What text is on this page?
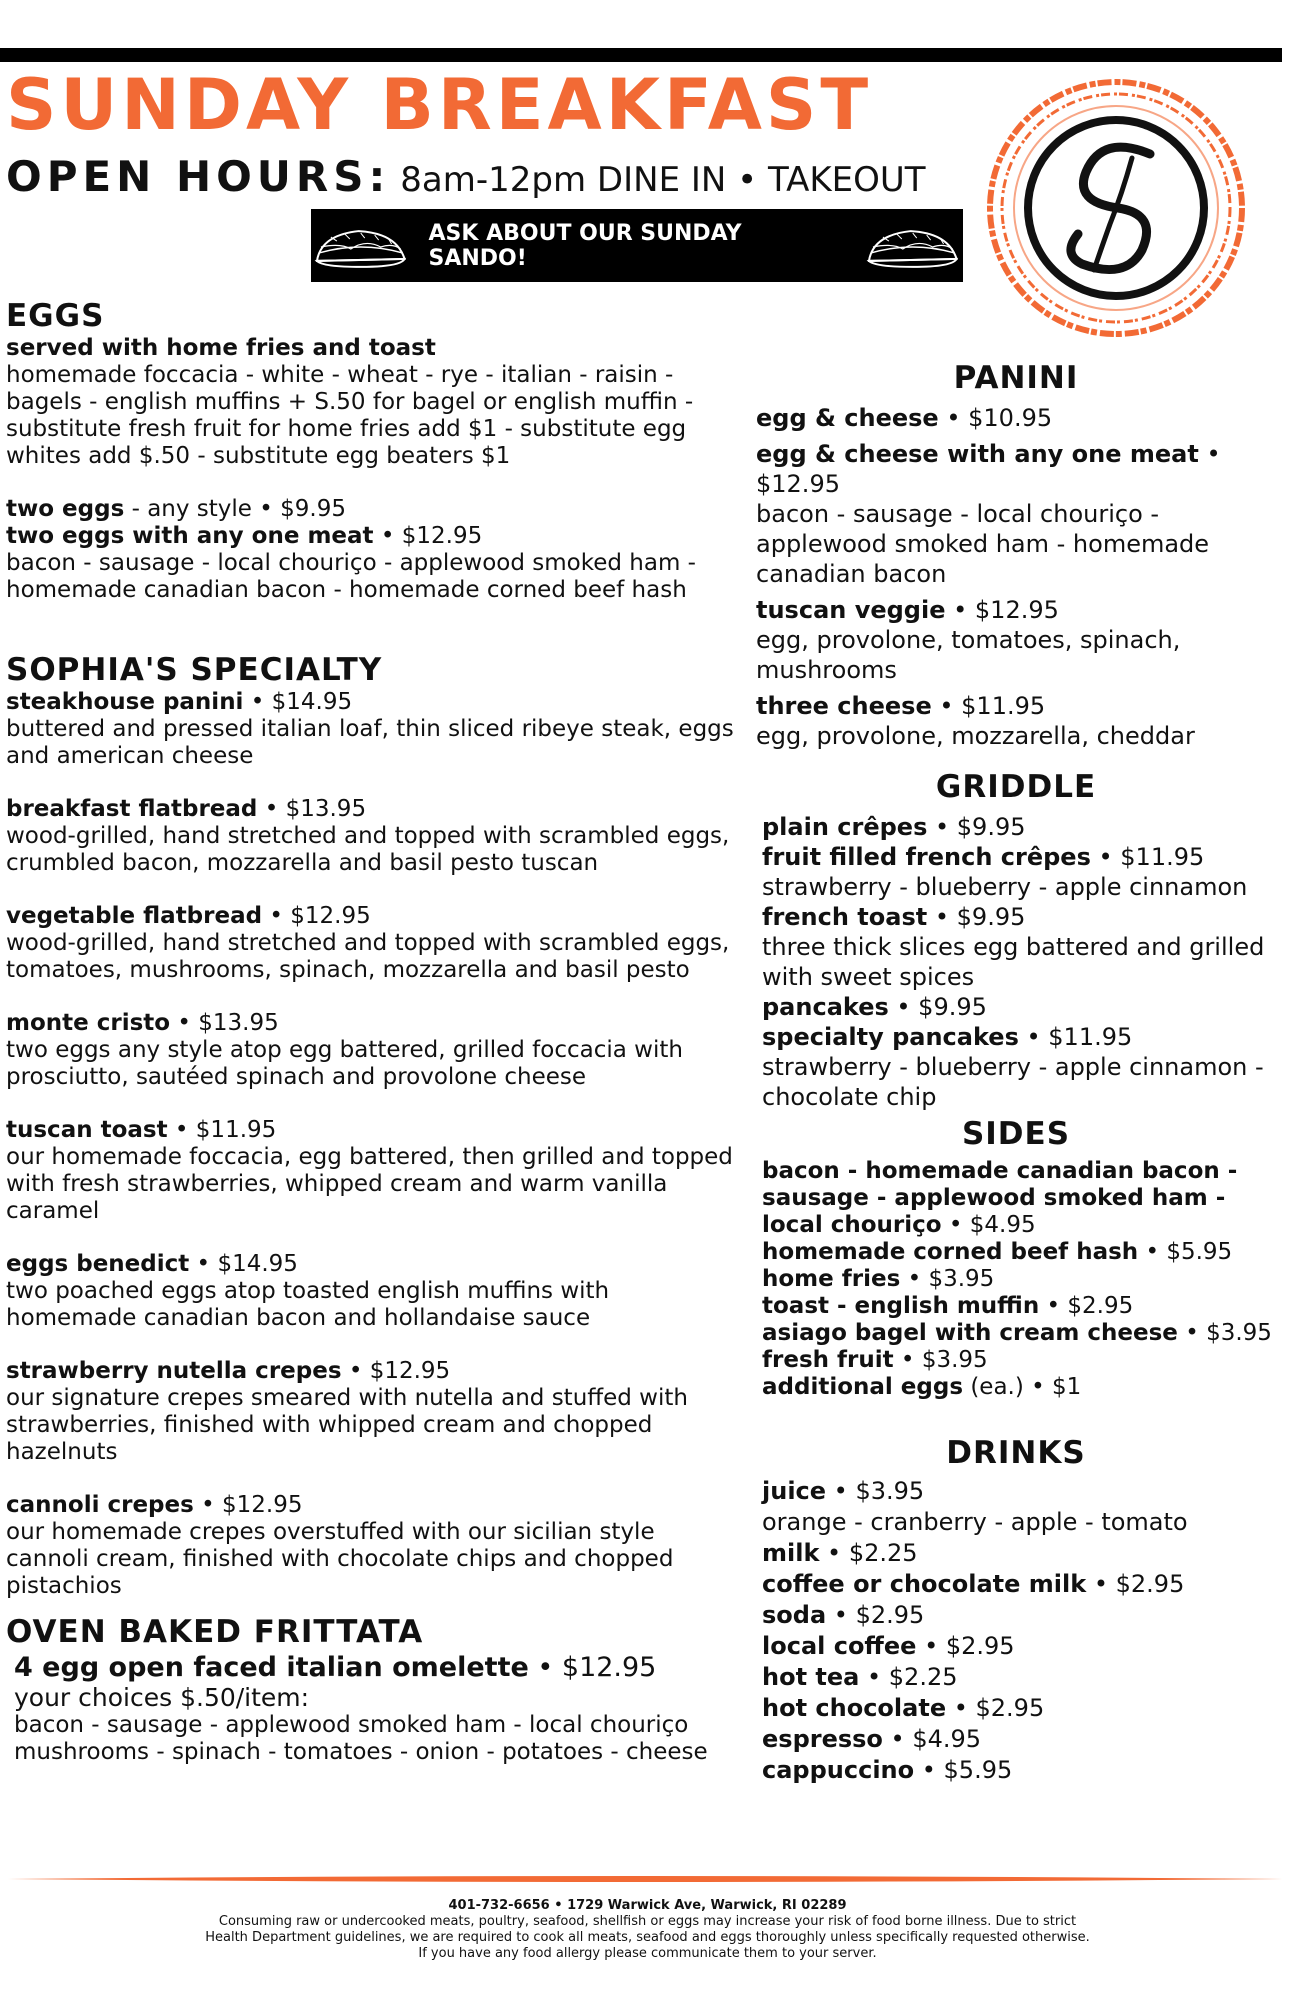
SUNDAY BREAKFAST
OPEN HOURS: 8am-12pm DINE IN • TAKEOUT
ASK ABOUT OUR SUNDAY SANDO!
EGGS

served with home fries and toast

homemade foccacia - white - wheat - rye - italian - raisin - bagels - english muffins + S.50 for bagel or english muffin - substitute fresh fruit for home fries add $1 - substitute egg whites add $.50 - substitute egg beaters $1

two eggs - any style • $9.95

two eggs with any one meat • $12.95

bacon - sausage - local chouriço - applewood smoked ham - homemade canadian bacon - homemade corned beef hash

SOPHIA'S SPECIALTY

steakhouse panini • $14.95

buttered and pressed italian loaf, thin sliced ribeye steak, eggs and american cheese

breakfast flatbread • $13.95

wood-grilled, hand stretched and topped with scrambled eggs, crumbled bacon, mozzarella and basil pesto tuscan

vegetable flatbread • $12.95

wood-grilled, hand stretched and topped with scrambled eggs, tomatoes, mushrooms, spinach, mozzarella and basil pesto

monte cristo • $13.95

two eggs any style atop egg battered, grilled foccacia with prosciutto, sautéed spinach and provolone cheese

tuscan toast • $11.95

our homemade foccacia, egg battered, then grilled and topped with fresh strawberries, whipped cream and warm vanilla caramel

eggs benedict • $14.95

two poached eggs atop toasted english muffins with homemade canadian bacon and hollandaise sauce

strawberry nutella crepes • $12.95

our signature crepes smeared with nutella and stuffed with strawberries, finished with whipped cream and chopped hazelnuts

cannoli crepes • $12.95

our homemade crepes overstuffed with our sicilian style cannoli cream, finished with chocolate chips and chopped pistachios

OVEN BAKED FRITTATA

4 egg open faced italian omelette • $12.95

your choices $.50/item:

bacon - sausage - applewood smoked ham - local chouriço mushrooms - spinach - tomatoes - onion - potatoes - cheese

PANINI

egg & cheese • $10.95

egg & cheese with any one meat • $12.95

bacon - sausage - local chouriço - applewood smoked ham - homemade canadian bacon

tuscan veggie • $12.95

egg, provolone, tomatoes, spinach, mushrooms

three cheese • $11.95

egg, provolone, mozzarella, cheddar

GRIDDLE

plain crêpes • $9.95

fruit filled french crêpes • $11.95

strawberry - blueberry - apple cinnamon

french toast • $9.95

three thick slices egg battered and grilled with sweet spices

pancakes • $9.95

specialty pancakes • $11.95

strawberry - blueberry - apple cinnamon - chocolate chip

SIDES

bacon - homemade canadian bacon - sausage - applewood smoked ham - local chouriço • $4.95

homemade corned beef hash • $5.95

home fries • $3.95

toast - english muffin • $2.95

asiago bagel with cream cheese • $3.95

fresh fruit • $3.95

additional eggs (ea.) • $1

DRINKS

juice • $3.95

orange - cranberry - apple - tomato

milk • $2.25

coffee or chocolate milk • $2.95

soda • $2.95

local coffee • $2.95

hot tea • $2.25

hot chocolate • $2.95

espresso • $4.95

cappuccino • $5.95

401-732-6656 • 1729 Warwick Ave, Warwick, RI 02289
Consuming raw or undercooked meats, poultry, seafood, shellfish or eggs may increase your risk of food borne illness. Due to strict
Health Department guidelines, we are required to cook all meats, seafood and eggs thoroughly unless specifically requested otherwise.
If you have any food allergy please communicate them to your server.
